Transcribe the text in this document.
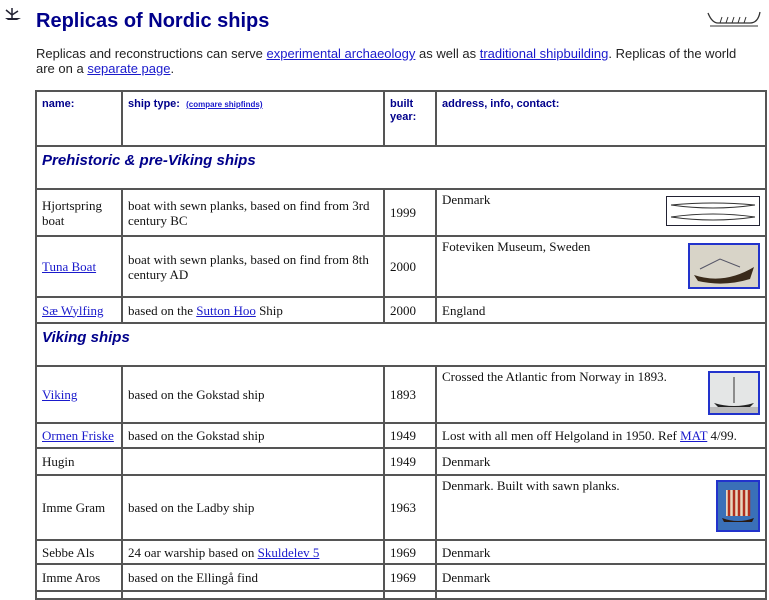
Replicas of Nordic ships
Replicas and reconstructions can serve experimental archaeology as well as traditional shipbuilding. Replicas of the world are on a separate page.
name:	ship type: (compare shipfinds)	built year:	address, info, contact:
Prehistoric & pre-Viking ships			
Hjortspring boat	boat with sewn planks, based on find from 3rd century BC	1999	Denmark
Tuna Boat	boat with sewn planks, based on find from 8th century AD	2000	Foteviken Museum, Sweden
Sæ Wylfing	based on the Sutton Hoo Ship	2000	England
Viking ships			
Viking	based on the Gokstad ship	1893	Crossed the Atlantic from Norway in 1893.
Ormen Friske	based on the Gokstad ship	1949	Lost with all men off Helgoland in 1950. Ref MAT 4/99.
Hugin		1949	Denmark
Imme Gram	based on the Ladby ship	1963	Denmark. Built with sawn planks.
Sebbe Als	24 oar warship based on Skuldelev 5	1969	Denmark
Imme Aros	based on the Ellingå find	1969	Denmark
